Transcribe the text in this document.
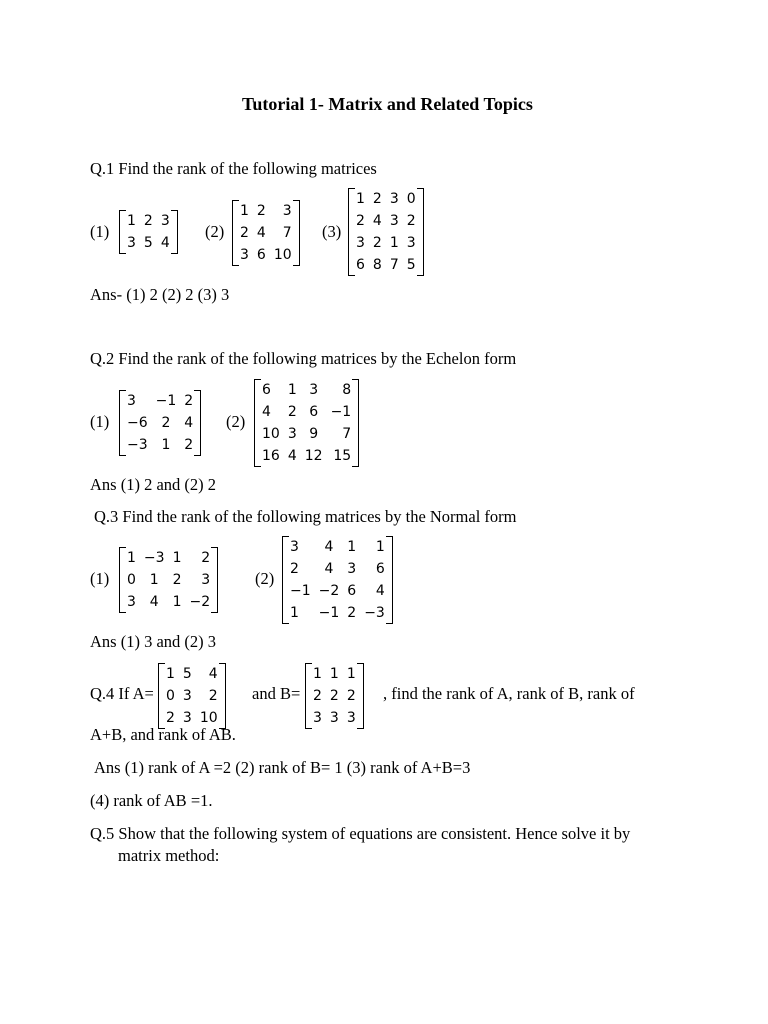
Tutorial 1- Matrix and Related Topics
Q.1 Find the rank of the following matrices
(1)
1	2	3
3	5	4
(2)
1	2	3
2	4	7
3	6	10
(3)
1	2	3	0
2	4	3	2
3	2	1	3
6	8	7	5
Ans- (1) 2 (2) 2 (3) 3
Q.2 Find the rank of the following matrices by the Echelon form
(1)
3	−1	2
−6	2	4
−3	1	2
(2)
6	1	3	8
4	2	6	−1
10	3	9	7
16	4	12	15
Ans (1) 2 and (2) 2
Q.3 Find the rank of the following matrices by the Normal form
(1)
1	−3	1	2
0	1	2	3
3	4	1	−2
(2)
3	4	1	1
2	4	3	6
−1	−2	6	4
1	−1	2	−3
Ans (1) 3 and (2) 3
Q.4 If A=
1	5	4
0	3	2
2	3	10
and B=
1	1	1
2	2	2
3	3	3
, find the rank of A, rank of B, rank of
A+B, and rank of AB.
Ans (1) rank of A =2 (2) rank of B= 1 (3) rank of A+B=3
(4) rank of AB =1.
Q.5 Show that the following system of equations are consistent. Hence solve it by
matrix method:
